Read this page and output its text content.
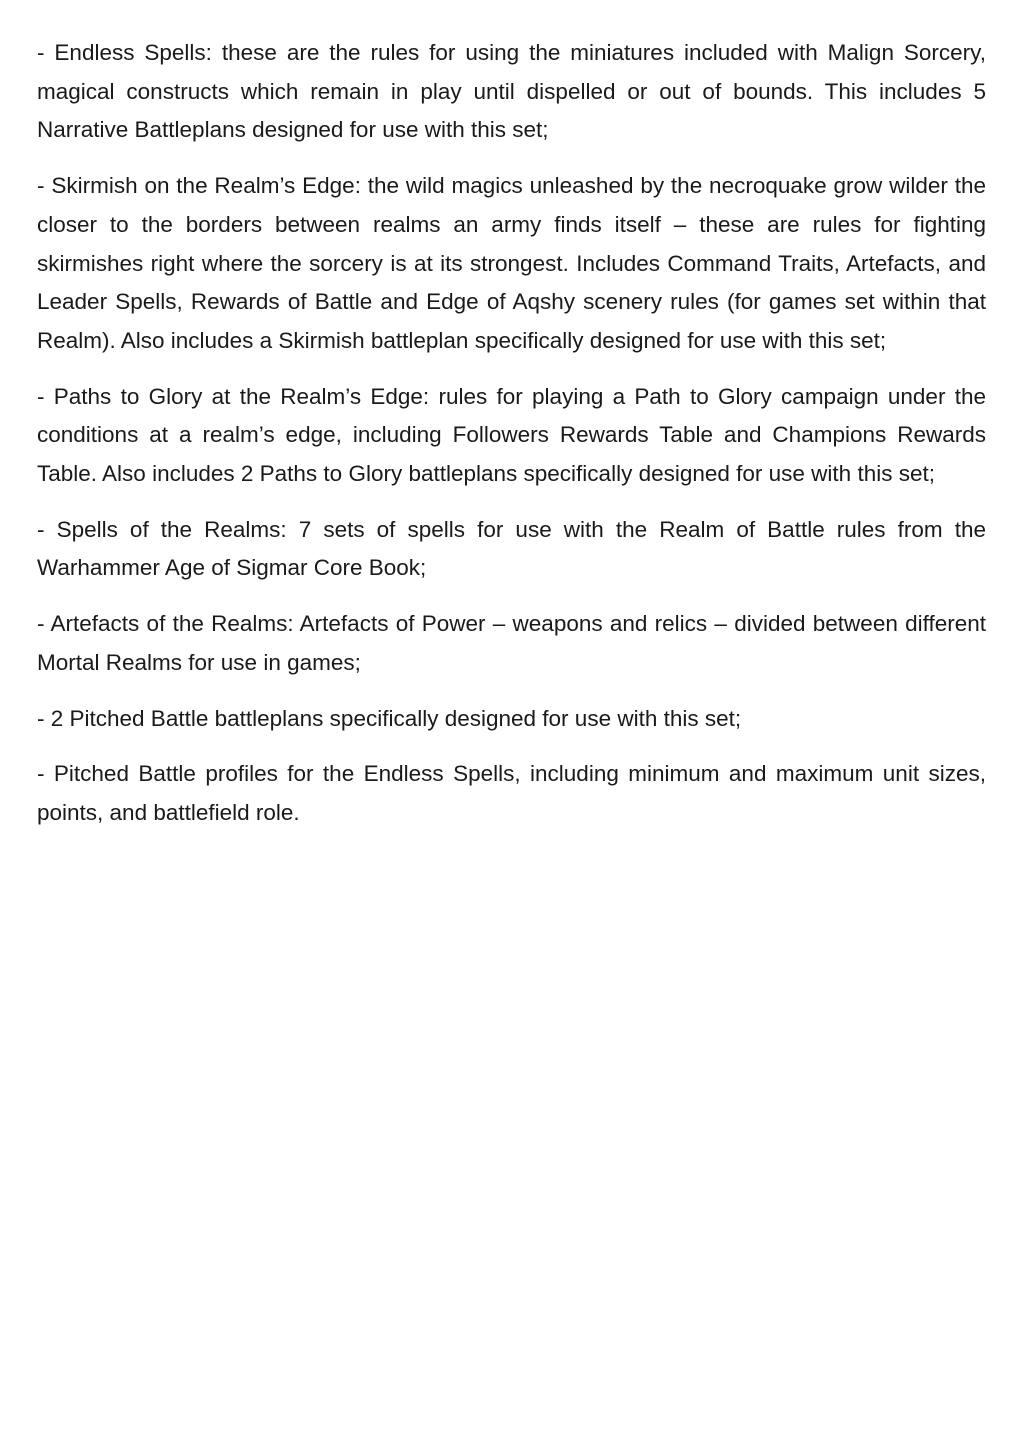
- Endless Spells: these are the rules for using the miniatures included with Malign Sorcery, magical constructs which remain in play until dispelled or out of bounds. This includes 5 Narrative Battleplans designed for use with this set;

- Skirmish on the Realm’s Edge: the wild magics unleashed by the necroquake grow wilder the closer to the borders between realms an army finds itself – these are rules for fighting skirmishes right where the sorcery is at its strongest. Includes Command Traits, Artefacts, and Leader Spells, Rewards of Battle and Edge of Aqshy scenery rules (for games set within that Realm). Also includes a Skirmish battleplan specifically designed for use with this set;

- Paths to Glory at the Realm’s Edge: rules for playing a Path to Glory campaign under the conditions at a realm’s edge, including Followers Rewards Table and Champions Rewards Table. Also includes 2 Paths to Glory battleplans specifically designed for use with this set;

- Spells of the Realms: 7 sets of spells for use with the Realm of Battle rules from the Warhammer Age of Sigmar Core Book;

- Artefacts of the Realms: Artefacts of Power – weapons and relics – divided between different Mortal Realms for use in games;

- 2 Pitched Battle battleplans specifically designed for use with this set;

- Pitched Battle profiles for the Endless Spells, including minimum and maximum unit sizes, points, and battlefield role.
